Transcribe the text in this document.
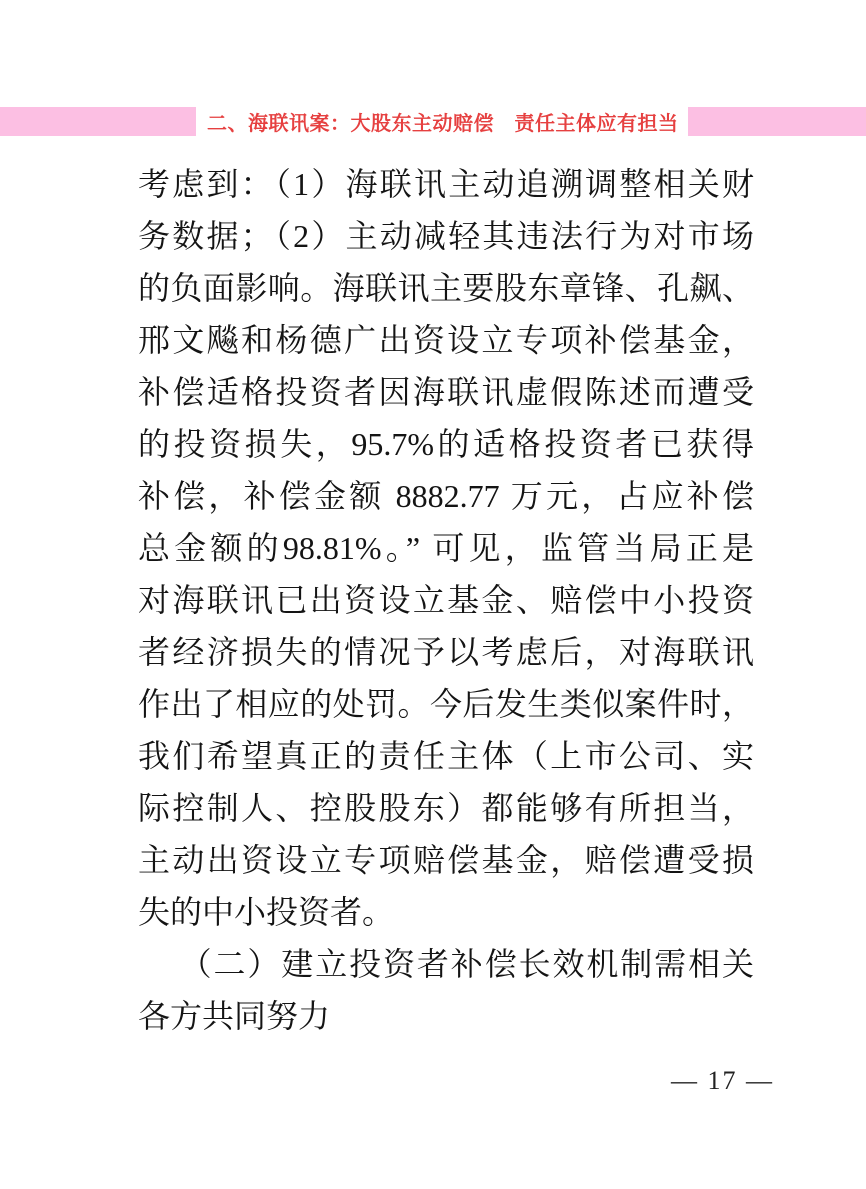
二、海联讯案：大股东主动赔偿　责任主体应有担当
考虑到：（1）海联讯主动追溯调整相关财
务数据；（2）主动减轻其违法行为对市场
的负面影响。海联讯主要股东章锋、孔飙、
邢文飚和杨德广出资设立专项补偿基金，
补偿适格投资者因海联讯虚假陈述而遭受
的投资损失，95.7%的适格投资者已获得
补偿，补偿金额 8882.77 万元，占应补偿
总金额的98.81%。” 可见，监管当局正是
对海联讯已出资设立基金、赔偿中小投资
者经济损失的情况予以考虑后，对海联讯
作出了相应的处罚。今后发生类似案件时，
我们希望真正的责任主体（上市公司、实
际控制人、控股股东）都能够有所担当，
主动出资设立专项赔偿基金，赔偿遭受损
失的中小投资者。
（二）建立投资者补偿长效机制需相关
各方共同努力
— 17 —
